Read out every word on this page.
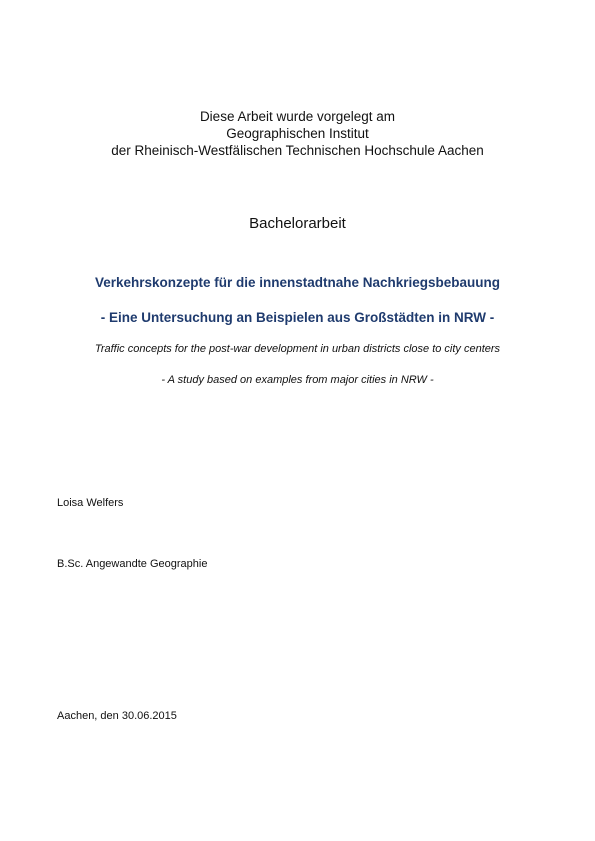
Diese Arbeit wurde vorgelegt am
Geographischen Institut
der Rheinisch-Westfälischen Technischen Hochschule Aachen
Bachelorarbeit
Verkehrskonzepte für die innenstadtnahe Nachkriegsbebauung
- Eine Untersuchung an Beispielen aus Großstädten in NRW -
Traffic concepts for the post-war development in urban districts close to city centers
- A study based on examples from major cities in NRW -
Loisa Welfers
B.Sc. Angewandte Geographie
Aachen, den 30.06.2015
